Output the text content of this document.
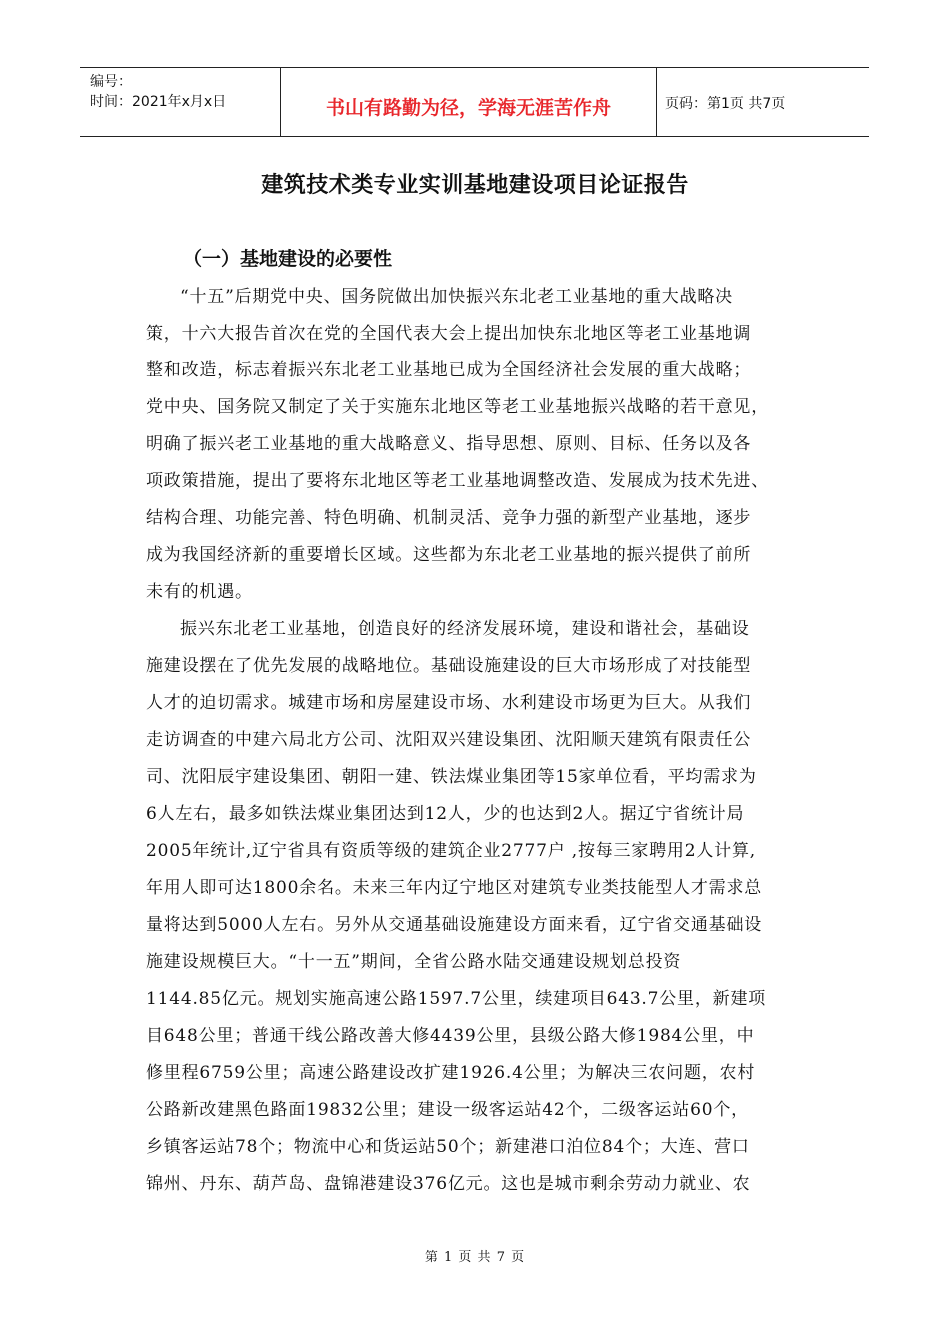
编号：
时间：2021年x月x日	书山有路勤为径，学海无涯苦作舟	页码：第1页 共7页
建筑技术类专业实训基地建设项目论证报告
（一）基地建设的必要性
“十五”后期党中央、国务院做出加快振兴东北老工业基地的重大战略决
策，十六大报告首次在党的全国代表大会上提出加快东北地区等老工业基地调
整和改造，标志着振兴东北老工业基地已成为全国经济社会发展的重大战略；
党中央、国务院又制定了关于实施东北地区等老工业基地振兴战略的若干意见，
明确了振兴老工业基地的重大战略意义、指导思想、原则、目标、任务以及各
项政策措施，提出了要将东北地区等老工业基地调整改造、发展成为技术先进、
结构合理、功能完善、特色明确、机制灵活、竞争力强的新型产业基地，逐步
成为我国经济新的重要增长区域。这些都为东北老工业基地的振兴提供了前所
未有的机遇。
振兴东北老工业基地，创造良好的经济发展环境，建设和谐社会，基础设
施建设摆在了优先发展的战略地位。基础设施建设的巨大市场形成了对技能型
人才的迫切需求。城建市场和房屋建设市场、水利建设市场更为巨大。从我们
走访调查的中建六局北方公司、沈阳双兴建设集团、沈阳顺天建筑有限责任公
司、沈阳辰宇建设集团、朝阳一建、铁法煤业集团等15家单位看，平均需求为
6人左右，最多如铁法煤业集团达到12人，少的也达到2人。据辽宁省统计局
2005年统计,辽宁省具有资质等级的建筑企业2777户 ,按每三家聘用2人计算,
年用人即可达1800余名。未来三年内辽宁地区对建筑专业类技能型人才需求总
量将达到5000人左右。另外从交通基础设施建设方面来看，辽宁省交通基础设
施建设规模巨大。“十一五”期间，全省公路水陆交通建设规划总投资
1144.85亿元。规划实施高速公路1597.7公里，续建项目643.7公里，新建项
目648公里；普通干线公路改善大修4439公里，县级公路大修1984公里，中
修里程6759公里；高速公路建设改扩建1926.4公里；为解决三农问题，农村
公路新改建黑色路面19832公里；建设一级客运站42个，二级客运站60个，
乡镇客运站78个；物流中心和货运站50个；新建港口泊位84个；大连、营口
锦州、丹东、葫芦岛、盘锦港建设376亿元。这也是城市剩余劳动力就业、农
第 1 页 共 7 页
